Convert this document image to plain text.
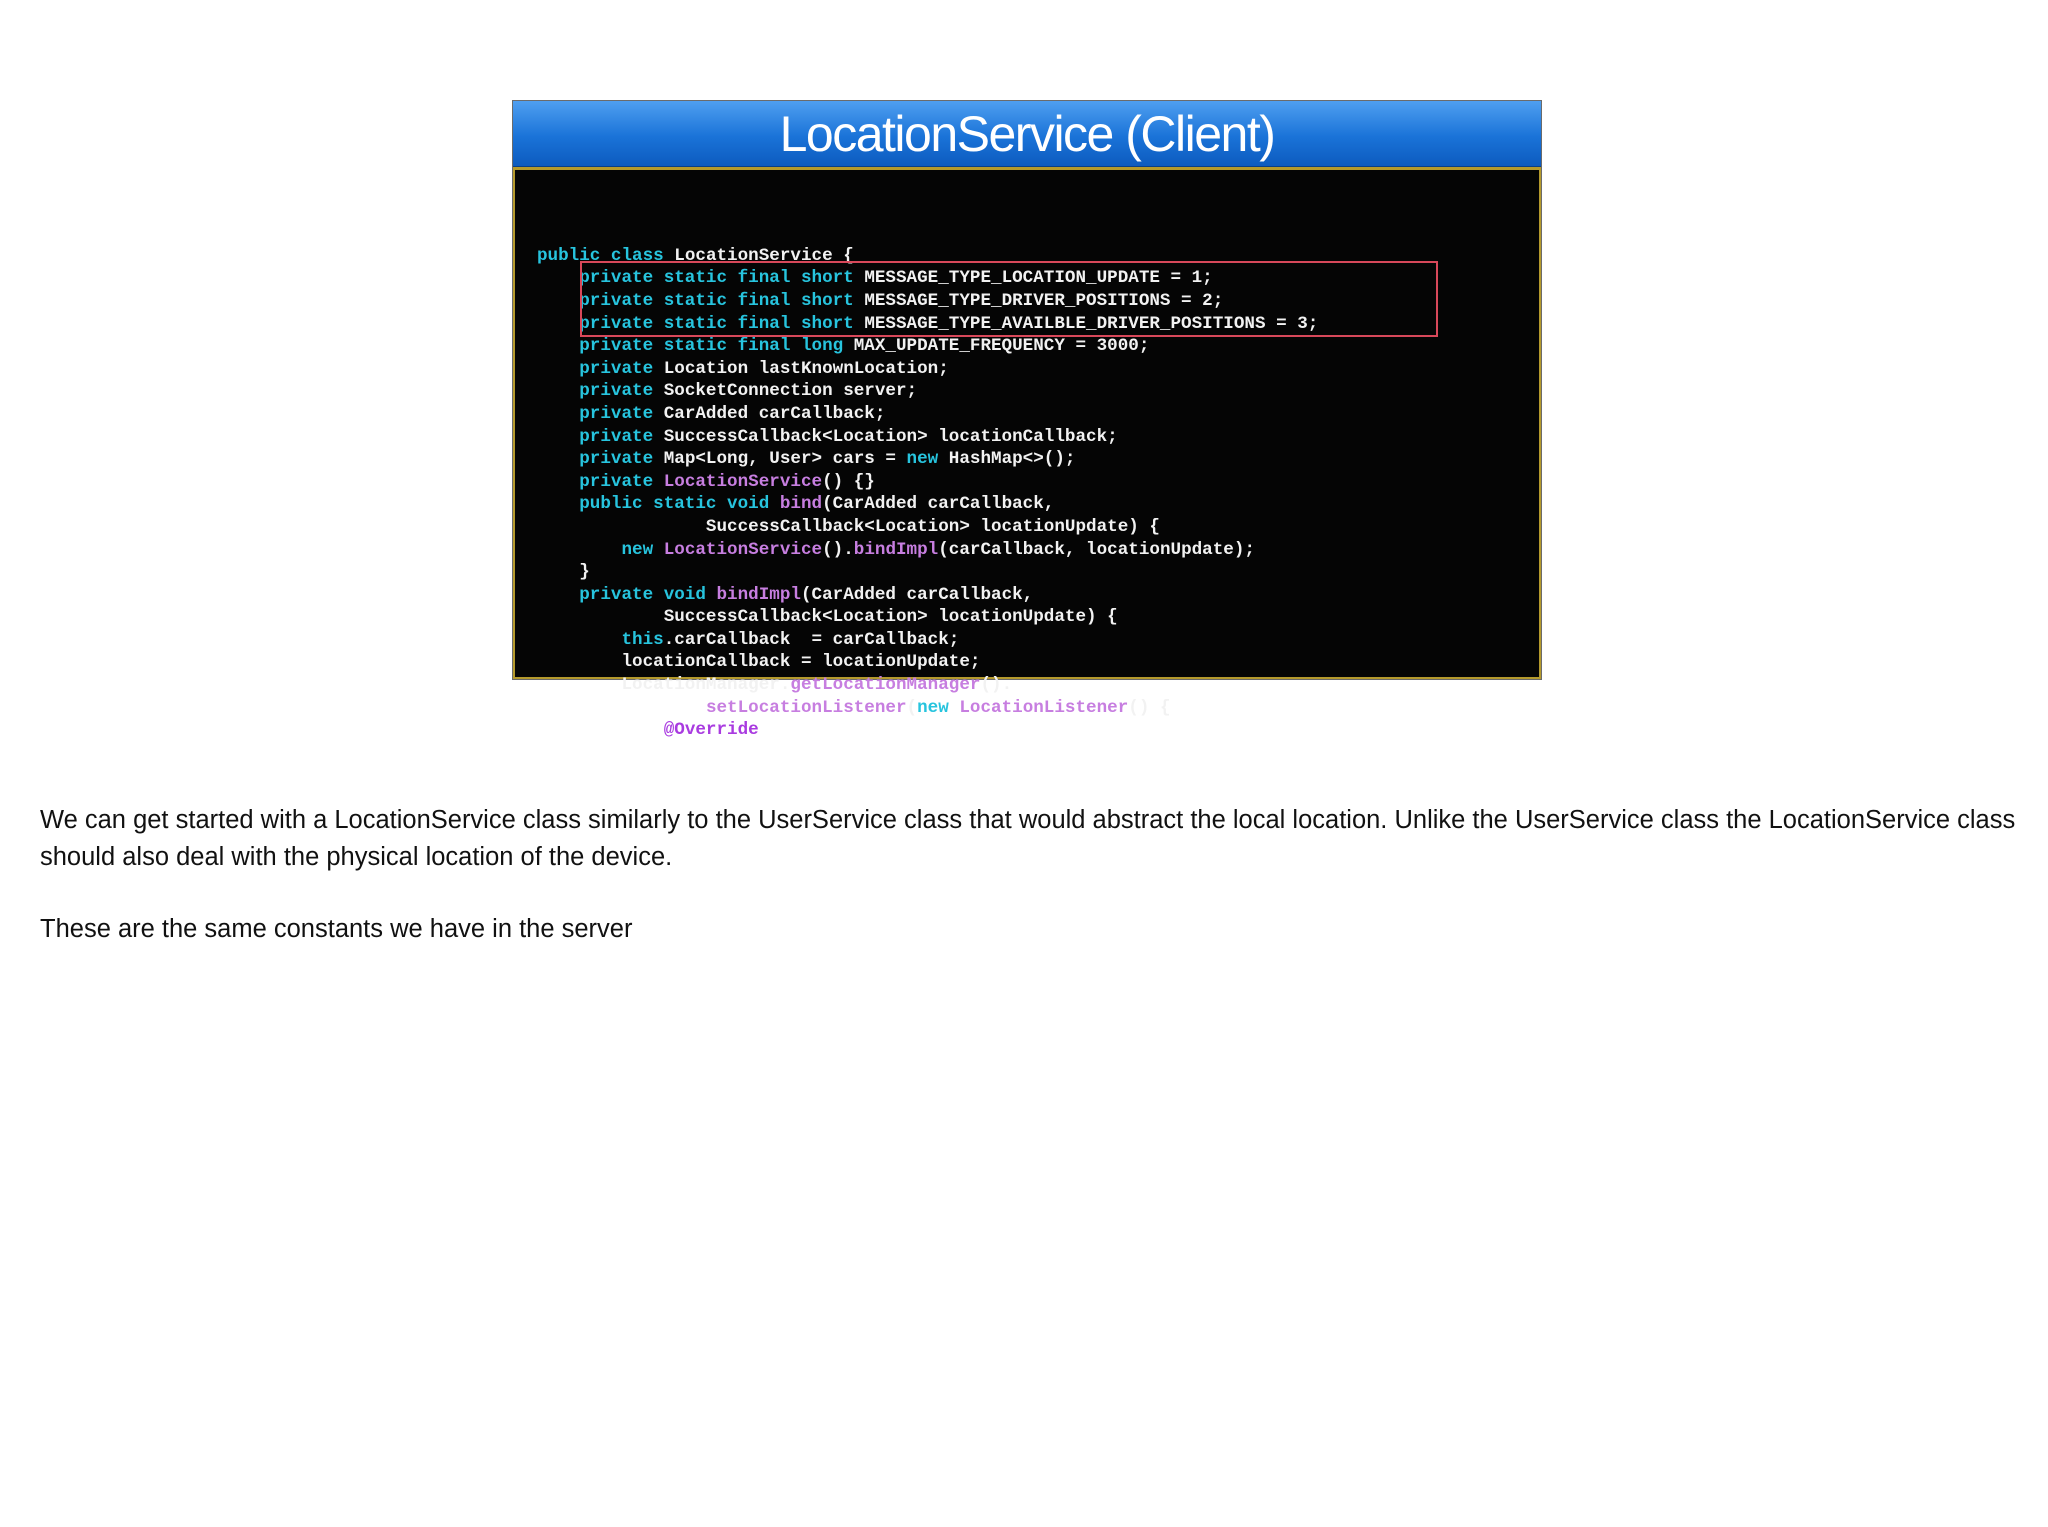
LocationService (Client)

public class LocationService {
private static final short MESSAGE_TYPE_LOCATION_UPDATE = 1;
private static final short MESSAGE_TYPE_DRIVER_POSITIONS = 2;
private static final short MESSAGE_TYPE_AVAILBLE_DRIVER_POSITIONS = 3;
private static final long MAX_UPDATE_FREQUENCY = 3000;
private Location lastKnownLocation;
private SocketConnection server;
private CarAdded carCallback;
private SuccessCallback<Location> locationCallback;
private Map<Long, User> cars = new HashMap<>();
private LocationService() {}
public static void bind(CarAdded carCallback,
SuccessCallback<Location> locationUpdate) {
new LocationService().bindImpl(carCallback, locationUpdate);
}
private void bindImpl(CarAdded carCallback,
SuccessCallback<Location> locationUpdate) {
this.carCallback  = carCallback;
locationCallback = locationUpdate;
LocationManager.getLocationManager().
setLocationListener(new LocationListener() {
@Override

We can get started with a LocationService class similarly to the UserService class that would abstract the local location. Unlike the UserService class the LocationService class should also deal with the physical location of the device.

These are the same constants we have in the server
